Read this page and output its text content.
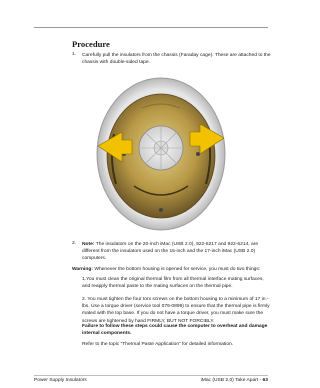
Procedure
1. Carefully pull the insulators from the chassis (Faraday cage). These are attached to the chassis with double-sided tape.
2. Note: The insulators on the 20-inch iMac (USB 2.0), 922-6217 and 922-6214, are different from the insulators used on the 15-inch and the 17-inch iMac (USB 2.0) computers.
Warning: Whenever the bottom housing is opened for service, you must do two things:
1.You must clean the original thermal film from all thermal interface mating surfaces, and reapply thermal paste to the mating surfaces on the thermal pipe.
2. You must tighten the four torx screws on the bottom housing to a minimum of 17 in.-lbs. Use a torque driver (service tool 076-0899) to ensure that the thermal pipe is firmly mated with the top base. If you do not have a torque driver, you must make sure the screws are tightened by hand FIRMLY, BUT NOT FORCIBLY.
Failure to follow these steps could cause the computer to overheat and damage internal components.
Refer to the topic “Thermal Paste Application” for detailed information.
Power Supply Insulators	iMac (USB 2.0) Take Apart - 63
